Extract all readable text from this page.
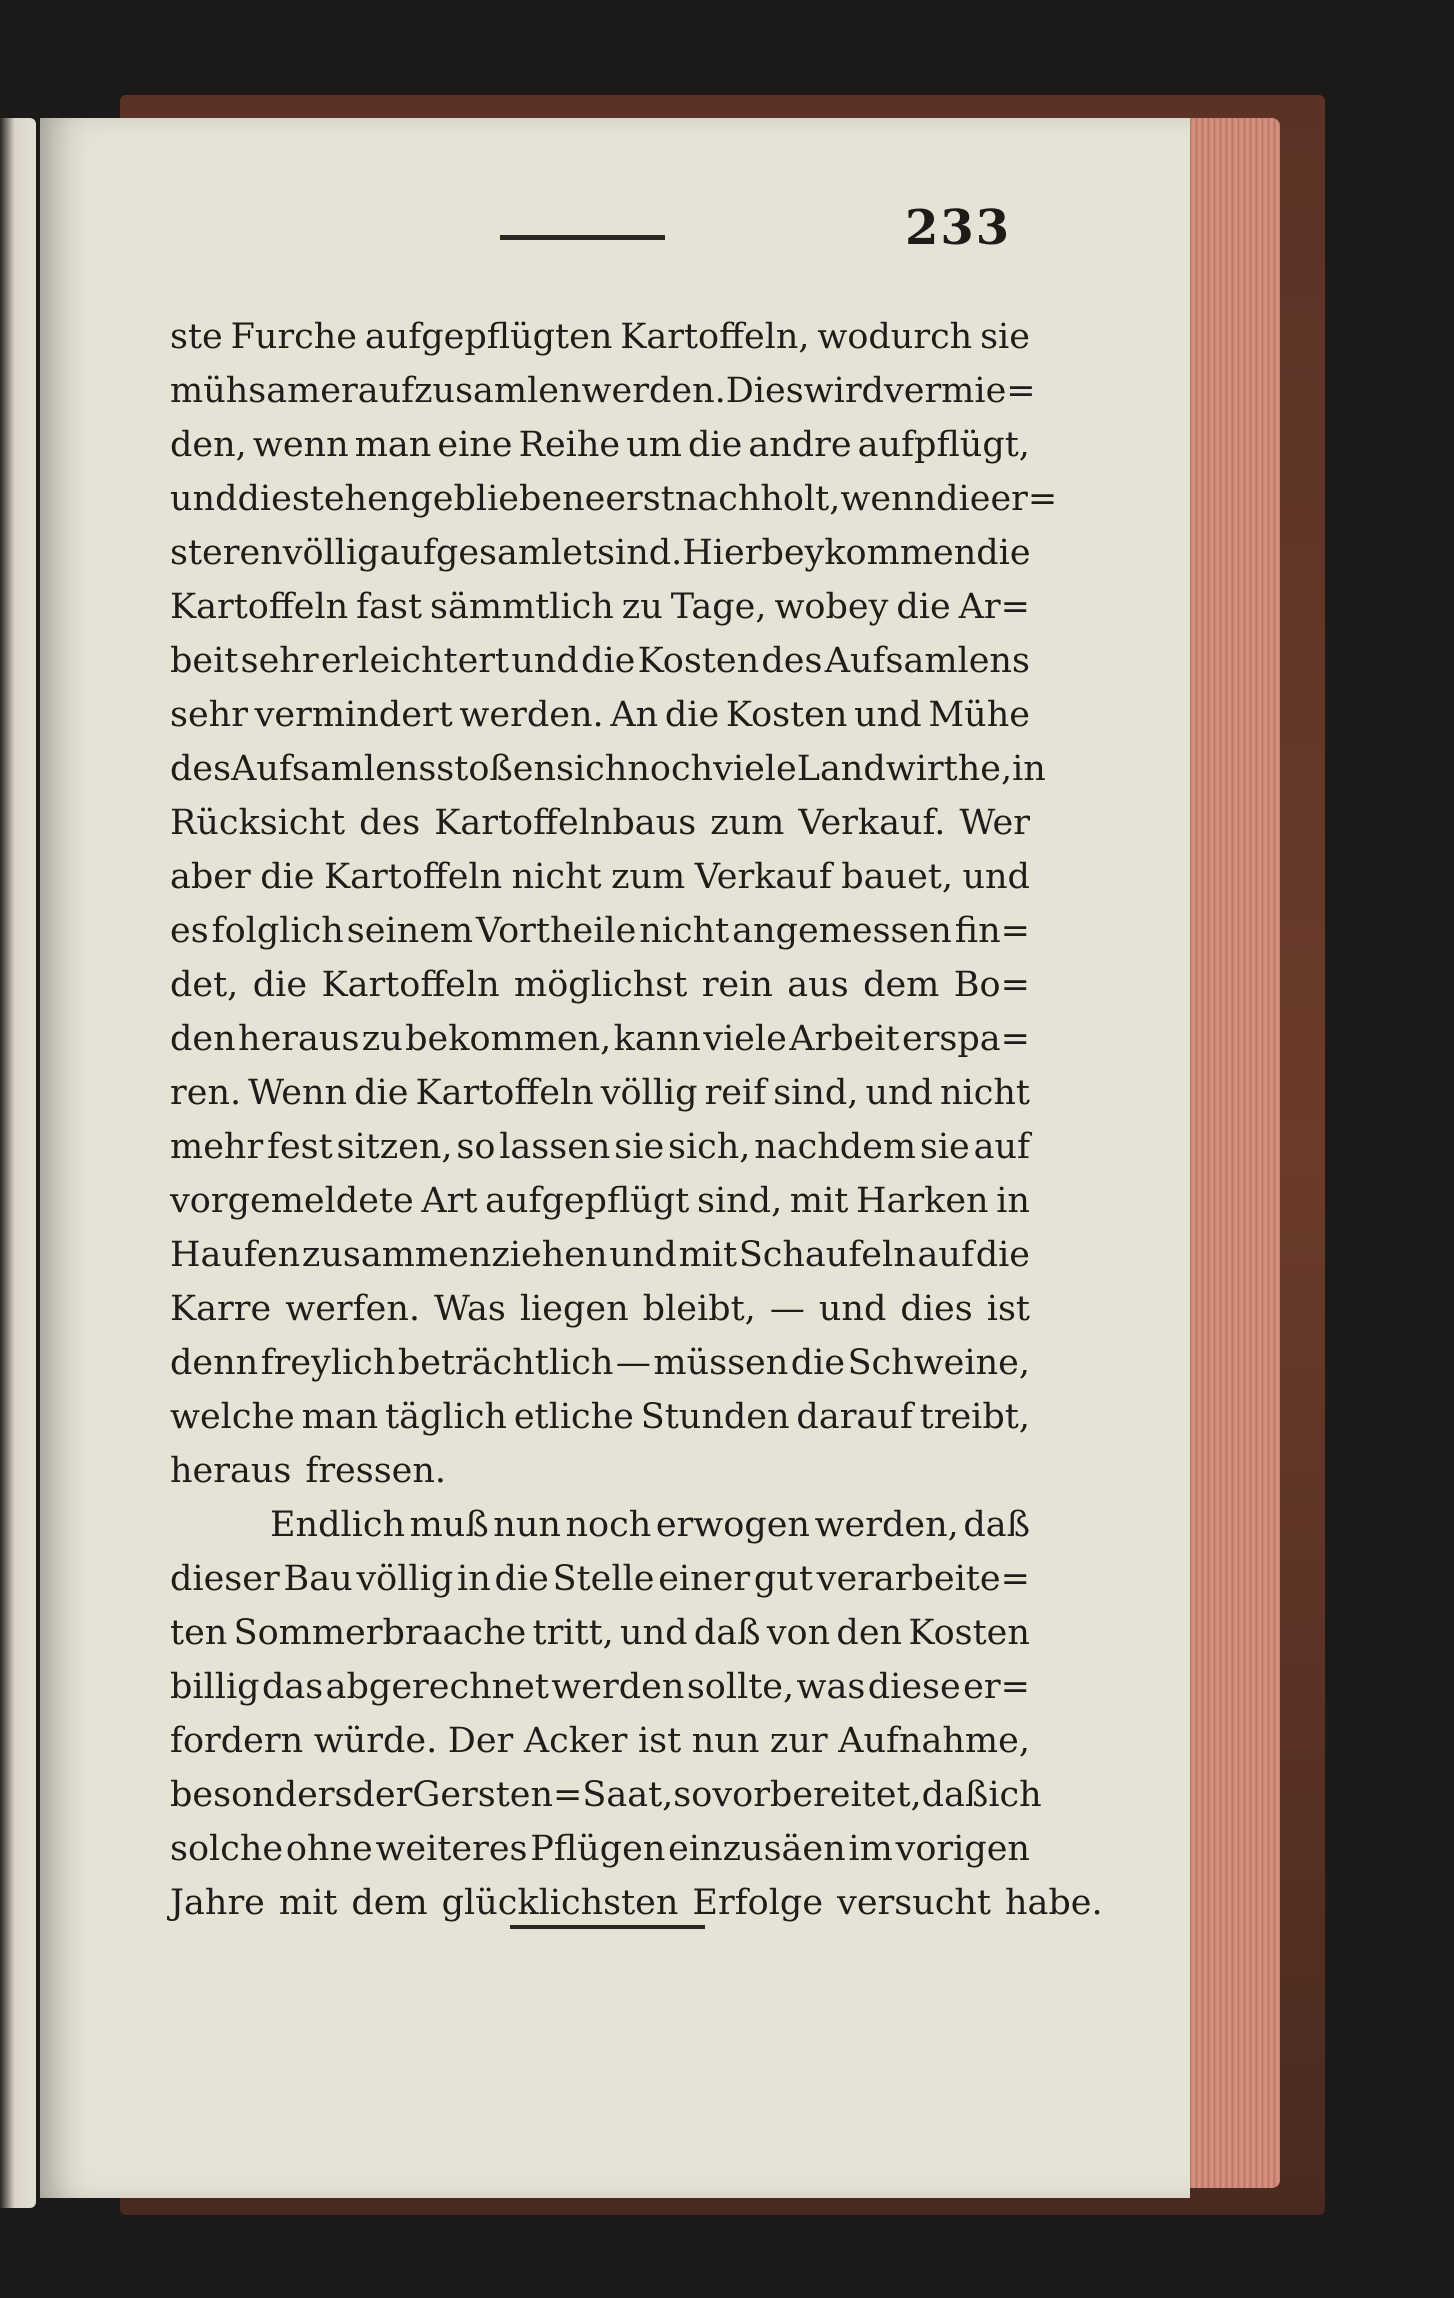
233
ste Furche aufgepflügten Kartoffeln, wodurch sie
mühsamer aufzusamlen werden. Dies wird vermie=
den, wenn man eine Reihe um die andre aufpflügt,
und die stehengebliebene erst nachholt, wenn die er=
steren völlig aufgesamlet sind. Hierbey kommen die
Kartoffeln fast sämmtlich zu Tage, wobey die Ar=
beit sehr erleichtert und die Kosten des Aufsamlens
sehr vermindert werden. An die Kosten und Mühe
des Aufsamlens stoßen sich noch viele Landwirthe, in
Rücksicht des Kartoffelnbaus zum Verkauf. Wer
aber die Kartoffeln nicht zum Verkauf bauet, und
es folglich seinem Vortheile nicht angemessen fin=
det, die Kartoffeln möglichst rein aus dem Bo=
den heraus zu bekommen, kann viele Arbeit erspa=
ren. Wenn die Kartoffeln völlig reif sind, und nicht
mehr fest sitzen, so lassen sie sich, nachdem sie auf
vorgemeldete Art aufgepflügt sind, mit Harken in
Haufen zusammenziehen und mit Schaufeln auf die
Karre werfen. Was liegen bleibt, — und dies ist
denn freylich beträchtlich — müssen die Schweine,
welche man täglich etliche Stunden darauf treibt,
heraus fressen.
Endlich muß nun noch erwogen werden, daß
dieser Bau völlig in die Stelle einer gut verarbeite=
ten Sommerbraache tritt, und daß von den Kosten
billig das abgerechnet werden sollte, was diese er=
fordern würde. Der Acker ist nun zur Aufnahme,
besonders der Gersten=Saat, so vorbereitet, daß ich
solche ohne weiteres Pflügen einzusäen im vorigen
Jahre mit dem glücklichsten Erfolge versucht habe.
